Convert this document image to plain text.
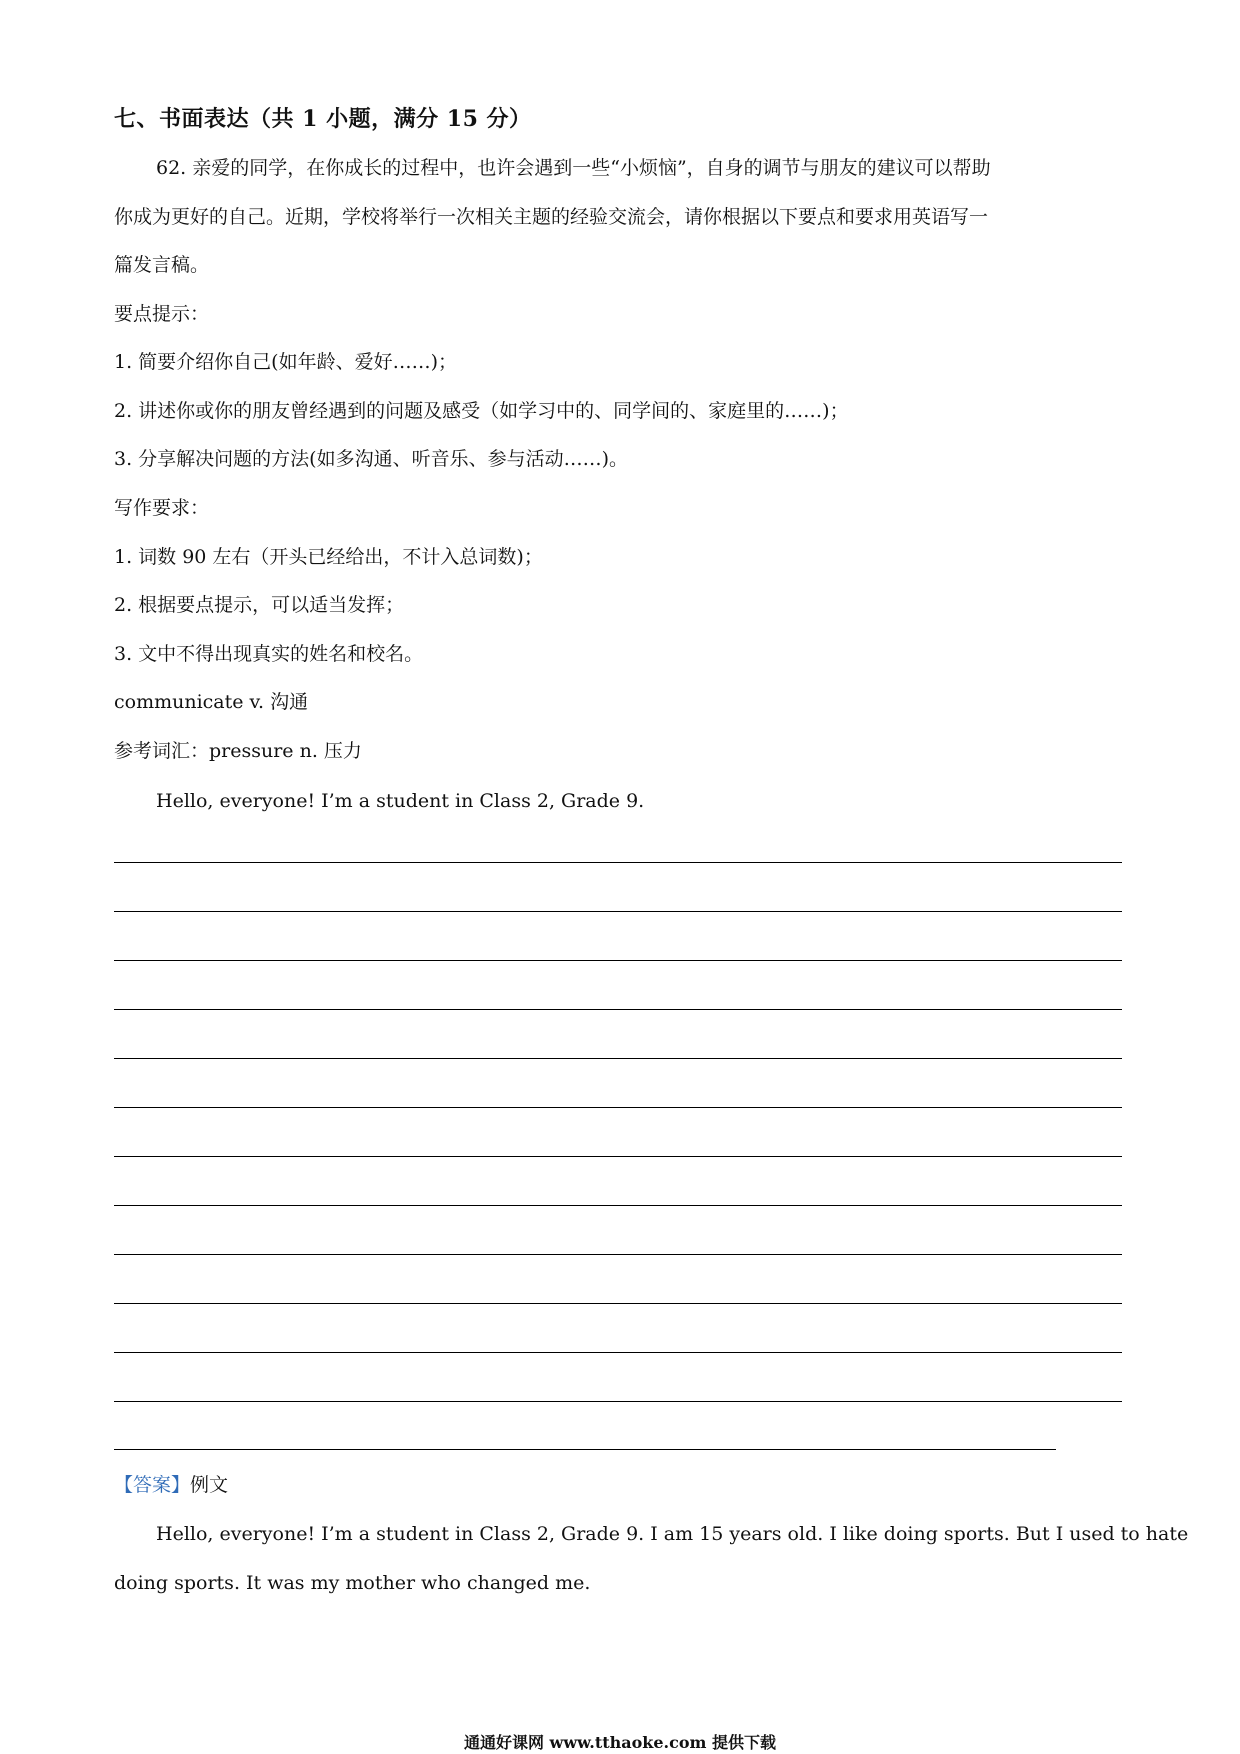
七、书面表达（共 1 小题，满分 15 分）
62. 亲爱的同学，在你成长的过程中，也许会遇到一些“小烦恼”，自身的调节与朋友的建议可以帮助
你成为更好的自己。近期，学校将举行一次相关主题的经验交流会，请你根据以下要点和要求用英语写一
篇发言稿。
要点提示：
1. 简要介绍你自己(如年龄、爱好……)；
2. 讲述你或你的朋友曾经遇到的问题及感受（如学习中的、同学间的、家庭里的……)；
3. 分享解决问题的方法(如多沟通、听音乐、参与活动……)。
写作要求：
1. 词数 90 左右（开头已经给出，不计入总词数)；
2. 根据要点提示，可以适当发挥；
3. 文中不得出现真实的姓名和校名。
communicate v. 沟通
参考词汇：pressure n. 压力
Hello, everyone! I’m a student in Class 2, Grade 9.
【答案】例文
Hello, everyone! I’m a student in Class 2, Grade 9. I am 15 years old. I like doing sports. But I used to hate
doing sports. It was my mother who changed me.
通通好课网 www.tthaoke.com 提供下载
